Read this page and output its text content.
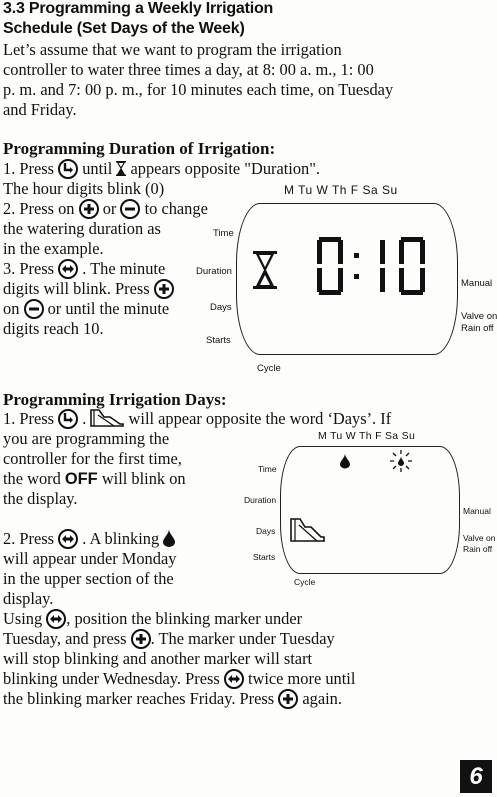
3.3 Programming a Weekly Irrigation
Schedule (Set Days of the Week)
Let’s assume that we want to program the irrigation
controller to water three times a day, at 8: 00 a. m., 1: 00
p. m. and 7: 00 p. m., for 10 minutes each time, on Tuesday
and Friday.
Programming Duration of Irrigation:
1. Press until appears opposite "Duration".
The hour digits blink (0)
2. Press on or to change
the watering duration as
in the example.
3. Press . The minute
digits will blink. Press
on or until the minute
digits reach 10.
M Tu W Th F Sa Su
Time
Duration
Days
Starts
Cycle
Manual
Valve on
Rain off
Programming Irrigation Days:
1. Press .	will appear opposite the word ‘Days’. If
you are programming the
controller for the first time,
the word OFF will blink on
the display.
2. Press . A blinking
will appear under Monday
in the upper section of the
display.
Using , position the blinking marker under
Tuesday, and press . The marker under Tuesday
will stop blinking and another marker will start
blinking under Wednesday. Press twice more until
the blinking marker reaches Friday. Press again.
M Tu W Th F Sa Su
Time
Duration
Days
Starts
Cycle
Manual
Valve on
Rain off
6
